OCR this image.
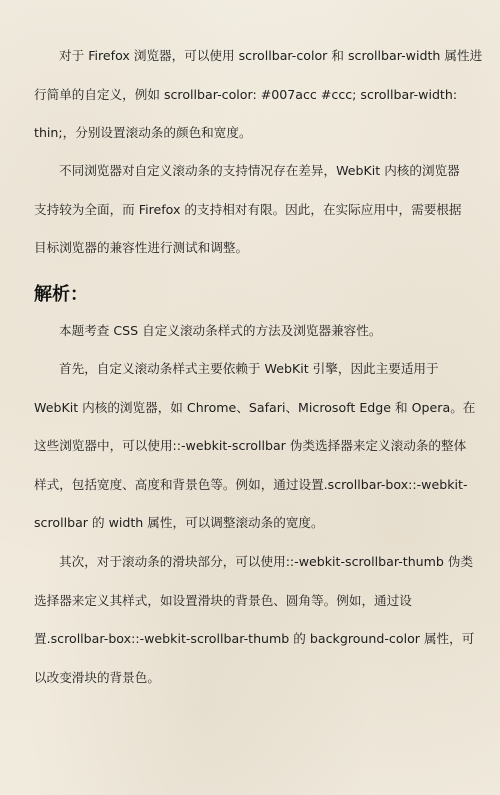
对于 Firefox 浏览器，可以使用 scrollbar-color 和 scrollbar-width 属性进
行简单的自定义，例如 scrollbar-color: #007acc #ccc; scrollbar-width:
thin;，分别设置滚动条的颜色和宽度。
不同浏览器对自定义滚动条的支持情况存在差异，WebKit 内核的浏览器
支持较为全面，而 Firefox 的支持相对有限。因此，在实际应用中，需要根据
目标浏览器的兼容性进行测试和调整。
解析：
本题考查 CSS 自定义滚动条样式的方法及浏览器兼容性。
首先，自定义滚动条样式主要依赖于 WebKit 引擎，因此主要适用于
WebKit 内核的浏览器，如 Chrome、Safari、Microsoft Edge 和 Opera。在
这些浏览器中，可以使用::-webkit-scrollbar 伪类选择器来定义滚动条的整体
样式，包括宽度、高度和背景色等。例如，通过设置.scrollbar-box::-webkit-
scrollbar 的 width 属性，可以调整滚动条的宽度。
其次，对于滚动条的滑块部分，可以使用::-webkit-scrollbar-thumb 伪类
选择器来定义其样式，如设置滑块的背景色、圆角等。例如，通过设
置.scrollbar-box::-webkit-scrollbar-thumb 的 background-color 属性，可
以改变滑块的背景色。
